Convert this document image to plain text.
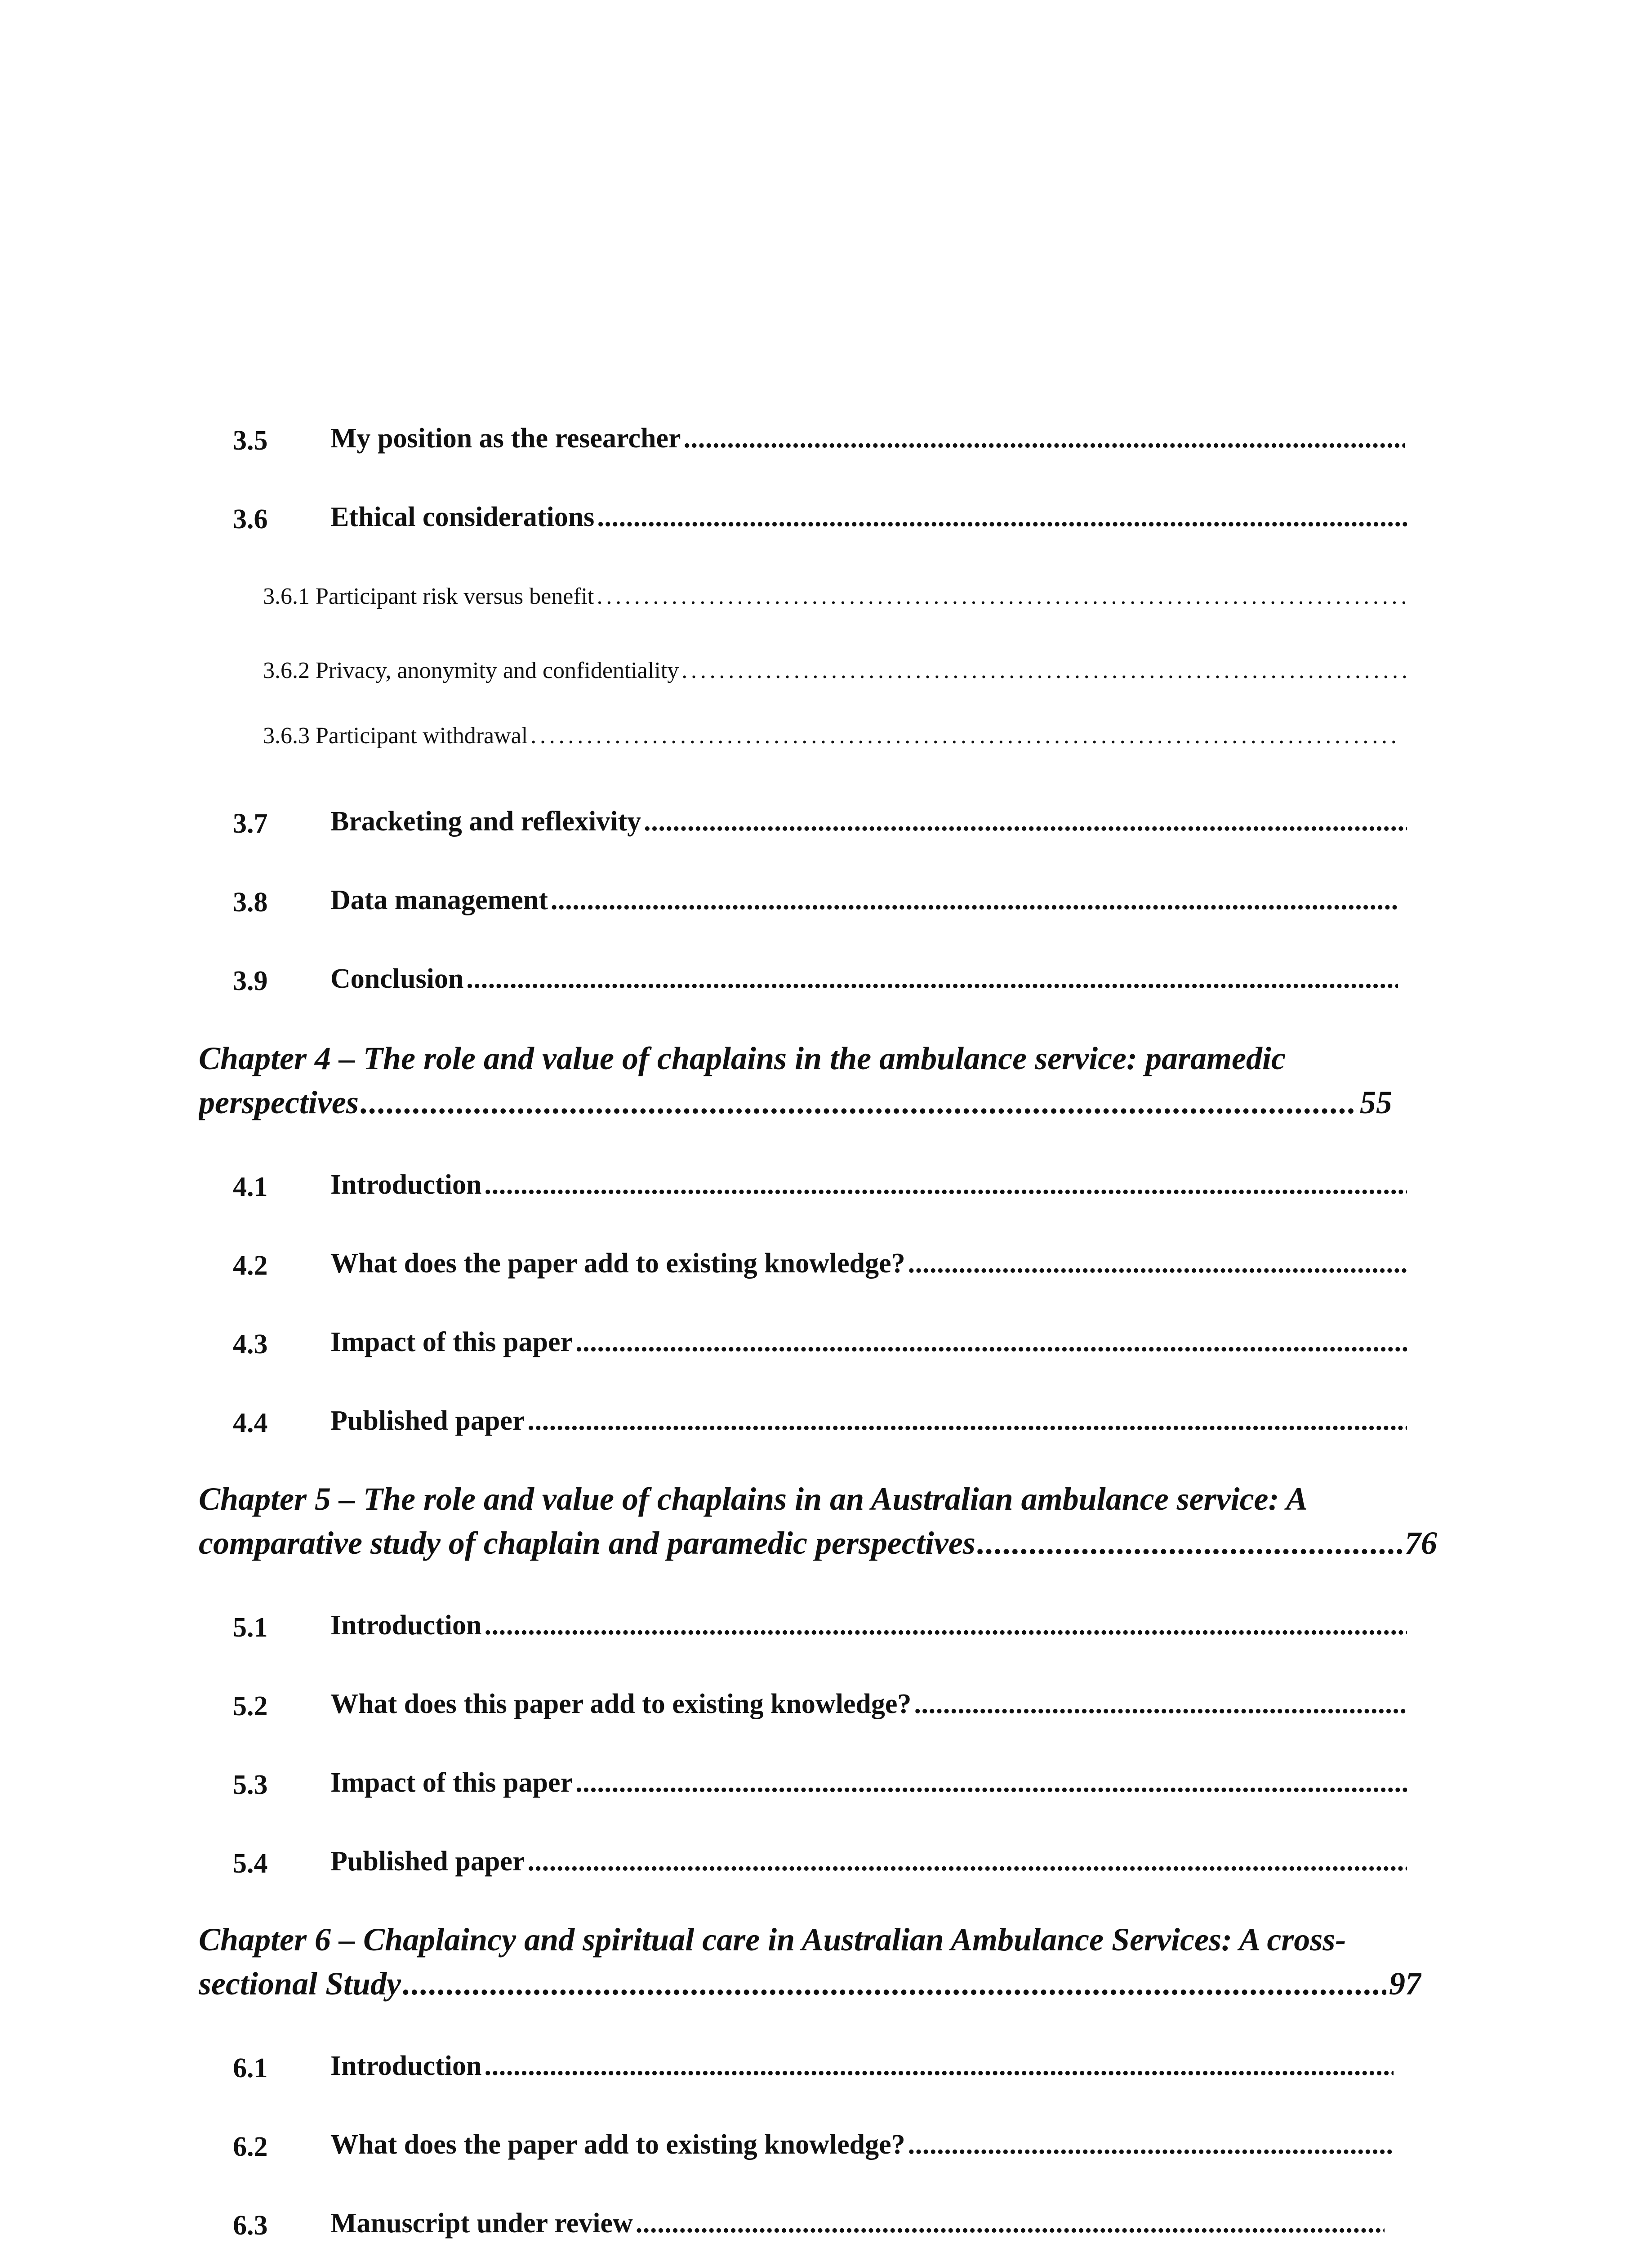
3.5 My position as the researcher
. . .
3.6 Ethical considerations
. . .
3.6.1 Participant risk versus benefit
. . .
3.6.2 Privacy, anonymity and confidentiality
. . .
3.6.3 Participant withdrawal
. . .
3.7 Bracketing and reflexivity
. . .
3.8 Data management
. . .
3.9 Conclusion
. . .
Chapter 4 – The role and value of chaplains in the ambulance service: paramedic
perspectives .....	55
4.1 Introduction
. . .
4.2 What does the paper add to existing knowledge?
. . .
4.3 Impact of this paper
. . .
4.4 Published paper
. . .
Chapter 5 – The role and value of chaplains in an Australian ambulance service: A
comparative study of chaplain and paramedic perspectives .....	76
5.1 Introduction
. . .
5.2 What does this paper add to existing knowledge?
. . .
5.3 Impact of this paper
. . .
5.4 Published paper
. . .
Chapter 6 – Chaplaincy and spiritual care in Australian Ambulance Services: A cross-
sectional Study .....	97
6.1 Introduction
. . .
6.2 What does the paper add to existing knowledge?
. . .
6.3 Manuscript under review
. . .
